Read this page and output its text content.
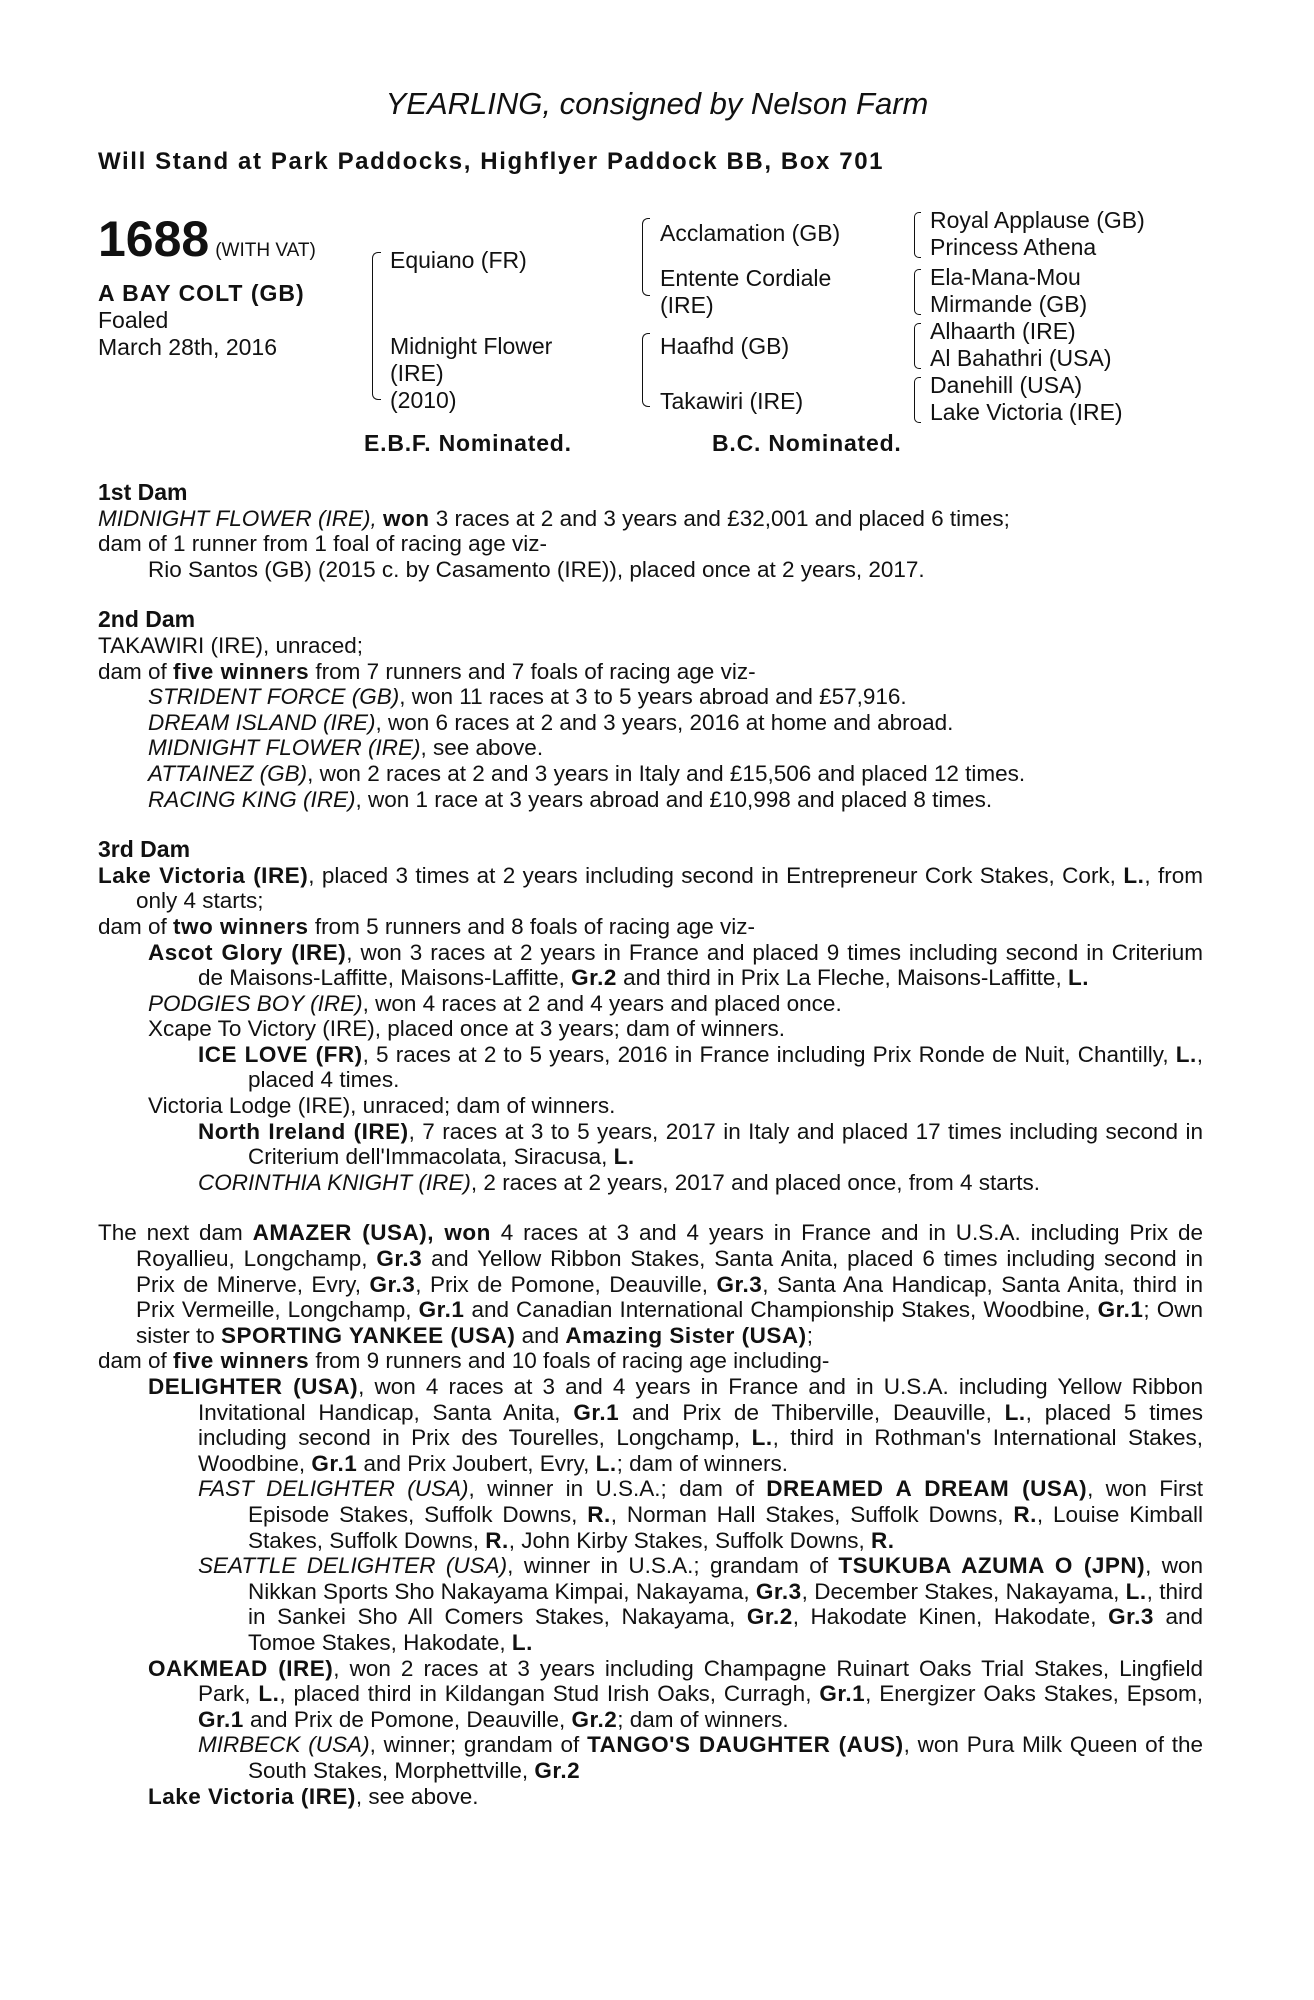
YEARLING, consigned by Nelson Farm
Will Stand at Park Paddocks, Highflyer Paddock BB, Box 701
1688 (WITH VAT)
A BAY COLT (GB)
Foaled
March 28th, 2016
Equiano (FR)
Midnight Flower
(IRE)
(2010)
Acclamation (GB)
Entente Cordiale
(IRE)
Haafhd (GB)
Takawiri (IRE)
Royal Applause (GB)
Princess Athena
Ela-Mana-Mou
Mirmande (GB)
Alhaarth (IRE)
Al Bahathri (USA)
Danehill (USA)
Lake Victoria (IRE)
E.B.F. Nominated.	B.C. Nominated.

1st Dam

MIDNIGHT FLOWER (IRE), won 3 races at 2 and 3 years and £32,001 and placed 6 times;

dam of 1 runner from 1 foal of racing age viz-

Rio Santos (GB) (2015 c. by Casamento (IRE)), placed once at 2 years, 2017.

2nd Dam

TAKAWIRI (IRE), unraced;

dam of five winners from 7 runners and 7 foals of racing age viz-

STRIDENT FORCE (GB), won 11 races at 3 to 5 years abroad and £57,916.

DREAM ISLAND (IRE), won 6 races at 2 and 3 years, 2016 at home and abroad.

MIDNIGHT FLOWER (IRE), see above.

ATTAINEZ (GB), won 2 races at 2 and 3 years in Italy and £15,506 and placed 12 times.

RACING KING (IRE), won 1 race at 3 years abroad and £10,998 and placed 8 times.

3rd Dam

Lake Victoria (IRE), placed 3 times at 2 years including second in Entrepreneur Cork Stakes, Cork, L., from only 4 starts;

dam of two winners from 5 runners and 8 foals of racing age viz-

Ascot Glory (IRE), won 3 races at 2 years in France and placed 9 times including second in Criterium de Maisons-Laffitte, Maisons-Laffitte, Gr.2 and third in Prix La Fleche, Maisons-Laffitte, L.

PODGIES BOY (IRE), won 4 races at 2 and 4 years and placed once.

Xcape To Victory (IRE), placed once at 3 years; dam of winners.

ICE LOVE (FR), 5 races at 2 to 5 years, 2016 in France including Prix Ronde de Nuit, Chantilly, L., placed 4 times.

Victoria Lodge (IRE), unraced; dam of winners.

North Ireland (IRE), 7 races at 3 to 5 years, 2017 in Italy and placed 17 times including second in Criterium dell'Immacolata, Siracusa, L.

CORINTHIA KNIGHT (IRE), 2 races at 2 years, 2017 and placed once, from 4 starts.

The next dam AMAZER (USA), won 4 races at 3 and 4 years in France and in U.S.A. including Prix de Royallieu, Longchamp, Gr.3 and Yellow Ribbon Stakes, Santa Anita, placed 6 times including second in Prix de Minerve, Evry, Gr.3, Prix de Pomone, Deauville, Gr.3, Santa Ana Handicap, Santa Anita, third in Prix Vermeille, Longchamp, Gr.1 and Canadian International Championship Stakes, Woodbine, Gr.1; Own sister to SPORTING YANKEE (USA) and Amazing Sister (USA);

dam of five winners from 9 runners and 10 foals of racing age including-

DELIGHTER (USA), won 4 races at 3 and 4 years in France and in U.S.A. including Yellow Ribbon Invitational Handicap, Santa Anita, Gr.1 and Prix de Thiberville, Deauville, L., placed 5 times including second in Prix des Tourelles, Longchamp, L., third in Rothman's International Stakes, Woodbine, Gr.1 and Prix Joubert, Evry, L.; dam of winners.

FAST DELIGHTER (USA), winner in U.S.A.; dam of DREAMED A DREAM (USA), won First Episode Stakes, Suffolk Downs, R., Norman Hall Stakes, Suffolk Downs, R., Louise Kimball Stakes, Suffolk Downs, R., John Kirby Stakes, Suffolk Downs, R.

SEATTLE DELIGHTER (USA), winner in U.S.A.; grandam of TSUKUBA AZUMA O (JPN), won Nikkan Sports Sho Nakayama Kimpai, Nakayama, Gr.3, December Stakes, Nakayama, L., third in Sankei Sho All Comers Stakes, Nakayama, Gr.2, Hakodate Kinen, Hakodate, Gr.3 and Tomoe Stakes, Hakodate, L.

OAKMEAD (IRE), won 2 races at 3 years including Champagne Ruinart Oaks Trial Stakes, Lingfield Park, L., placed third in Kildangan Stud Irish Oaks, Curragh, Gr.1, Energizer Oaks Stakes, Epsom, Gr.1 and Prix de Pomone, Deauville, Gr.2; dam of winners.

MIRBECK (USA), winner; grandam of TANGO'S DAUGHTER (AUS), won Pura Milk Queen of the South Stakes, Morphettville, Gr.2

Lake Victoria (IRE), see above.
